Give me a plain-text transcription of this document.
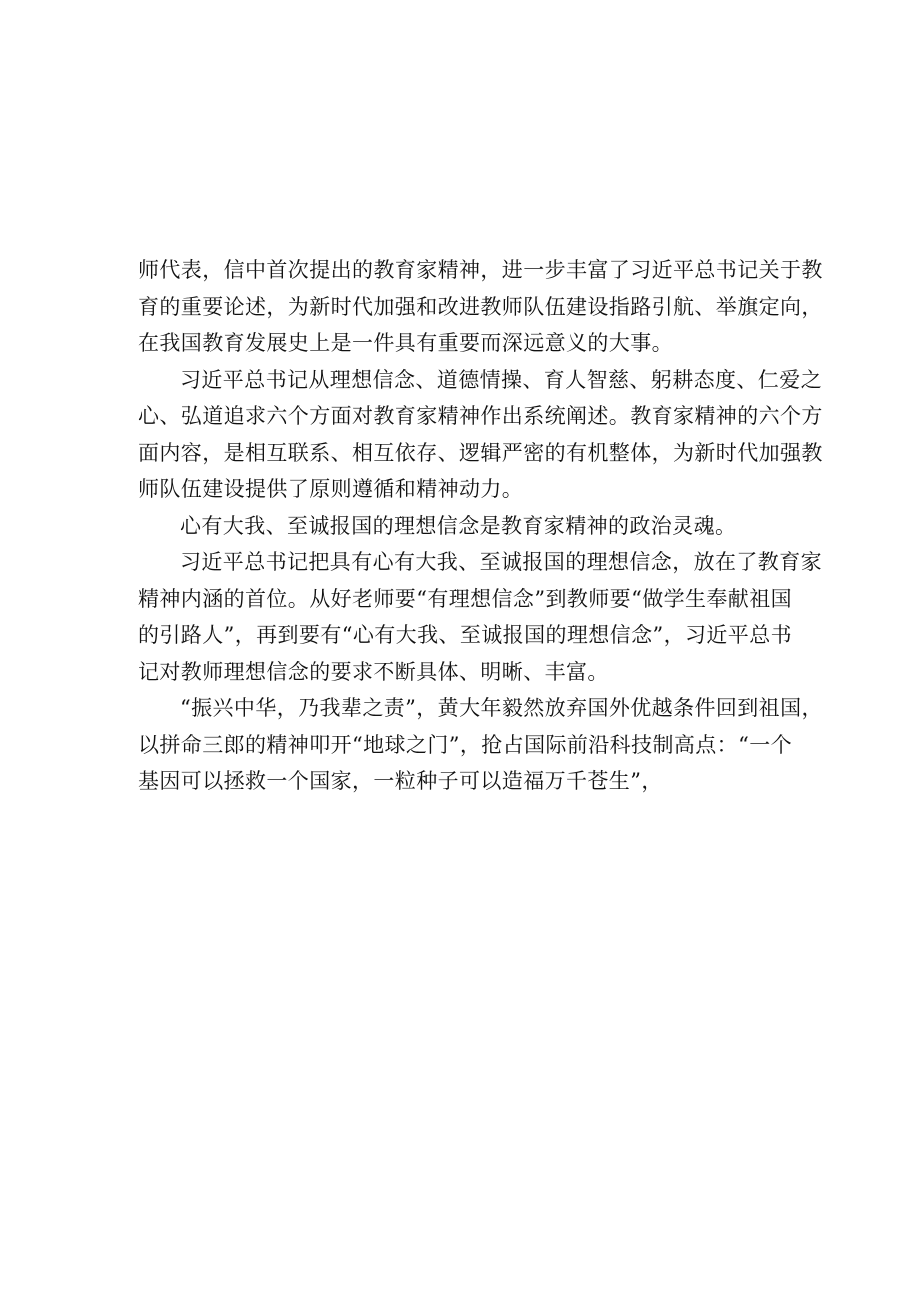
师代表，信中首次提出的教育家精神，进一步丰富了习近平总书记关于教
育的重要论述，为新时代加强和改进教师队伍建设指路引航、举旗定向，
在我国教育发展史上是一件具有重要而深远意义的大事。
习近平总书记从理想信念、道德情操、育人智慈、躬耕态度、仁爱之
心、弘道追求六个方面对教育家精神作出系统阐述。教育家精神的六个方
面内容，是相互联系、相互依存、逻辑严密的有机整体，为新时代加强教
师队伍建设提供了原则遵循和精神动力。
心有大我、至诚报国的理想信念是教育家精神的政治灵魂。
习近平总书记把具有心有大我、至诚报国的理想信念，放在了教育家
精神内涵的首位。从好老师要“有理想信念”到教师要“做学生奉献祖国
的引路人”，再到要有“心有大我、至诚报国的理想信念”，习近平总书
记对教师理想信念的要求不断具体、明晰、丰富。
“振兴中华，乃我辈之责”，黄大年毅然放弃国外优越条件回到祖国，
以拼命三郎的精神叩开“地球之门”，抢占国际前沿科技制高点：“一个
基因可以拯救一个国家，一粒种子可以造福万千苍生”，
